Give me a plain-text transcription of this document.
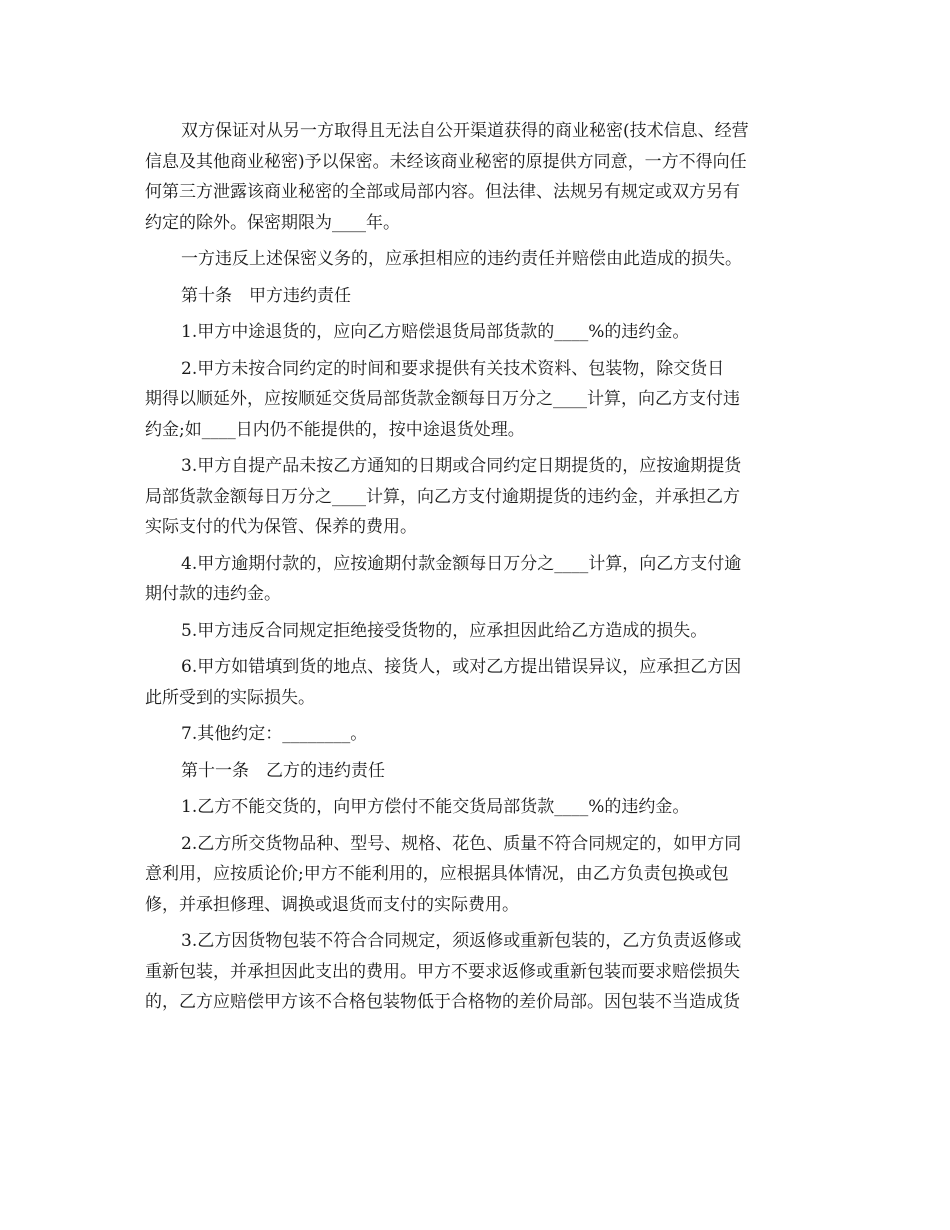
双方保证对从另一方取得且无法自公开渠道获得的商业秘密(技术信息、经营
信息及其他商业秘密)予以保密。未经该商业秘密的原提供方同意，一方不得向任
何第三方泄露该商业秘密的全部或局部内容。但法律、法规另有规定或双方另有
约定的除外。保密期限为____年。

一方违反上述保密义务的，应承担相应的违约责任并赔偿由此造成的损失。

第十条　甲方违约责任

1.甲方中途退货的，应向乙方赔偿退货局部货款的____%的违约金。

2.甲方未按合同约定的时间和要求提供有关技术资料、包装物，除交货日
期得以顺延外，应按顺延交货局部货款金额每日万分之____计算，向乙方支付违
约金;如____日内仍不能提供的，按中途退货处理。

3.甲方自提产品未按乙方通知的日期或合同约定日期提货的，应按逾期提货
局部货款金额每日万分之____计算，向乙方支付逾期提货的违约金，并承担乙方
实际支付的代为保管、保养的费用。

4.甲方逾期付款的，应按逾期付款金额每日万分之____计算，向乙方支付逾
期付款的违约金。

5.甲方违反合同规定拒绝接受货物的，应承担因此给乙方造成的损失。

6.甲方如错填到货的地点、接货人，或对乙方提出错误异议，应承担乙方因
此所受到的实际损失。

7.其他约定：________。

第十一条　乙方的违约责任

1.乙方不能交货的，向甲方偿付不能交货局部货款____%的违约金。

2.乙方所交货物品种、型号、规格、花色、质量不符合同规定的，如甲方同
意利用，应按质论价;甲方不能利用的，应根据具体情况，由乙方负责包换或包
修，并承担修理、调换或退货而支付的实际费用。

3.乙方因货物包装不符合合同规定，须返修或重新包装的，乙方负责返修或
重新包装，并承担因此支出的费用。甲方不要求返修或重新包装而要求赔偿损失
的，乙方应赔偿甲方该不合格包装物低于合格物的差价局部。因包装不当造成货
